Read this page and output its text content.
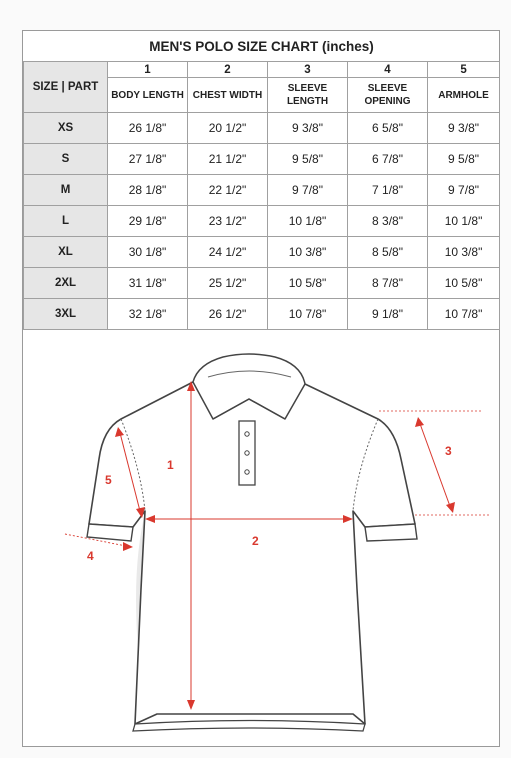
MEN'S POLO SIZE CHART (inches)					
SIZE | PART	1	2	3	4	5
	BODY LENGTH	CHEST WIDTH	SLEEVE LENGTH	SLEEVE OPENING	ARMHOLE
XS	26 1/8"	20 1/2"	9 3/8"	6 5/8"	9 3/8"
S	27 1/8"	21 1/2"	9 5/8"	6 7/8"	9 5/8"
M	28 1/8"	22 1/2"	9 7/8"	7 1/8"	9 7/8"
L	29 1/8"	23 1/2"	10 1/8"	8 3/8"	10 1/8"
XL	30 1/8"	24 1/2"	10 3/8"	8 5/8"	10 3/8"
2XL	31 1/8"	25 1/2"	10 5/8"	8 7/8"	10 5/8"
3XL	32 1/8"	26 1/2"	10 7/8"	9 1/8"	10 7/8"
1
2
3
4
5
